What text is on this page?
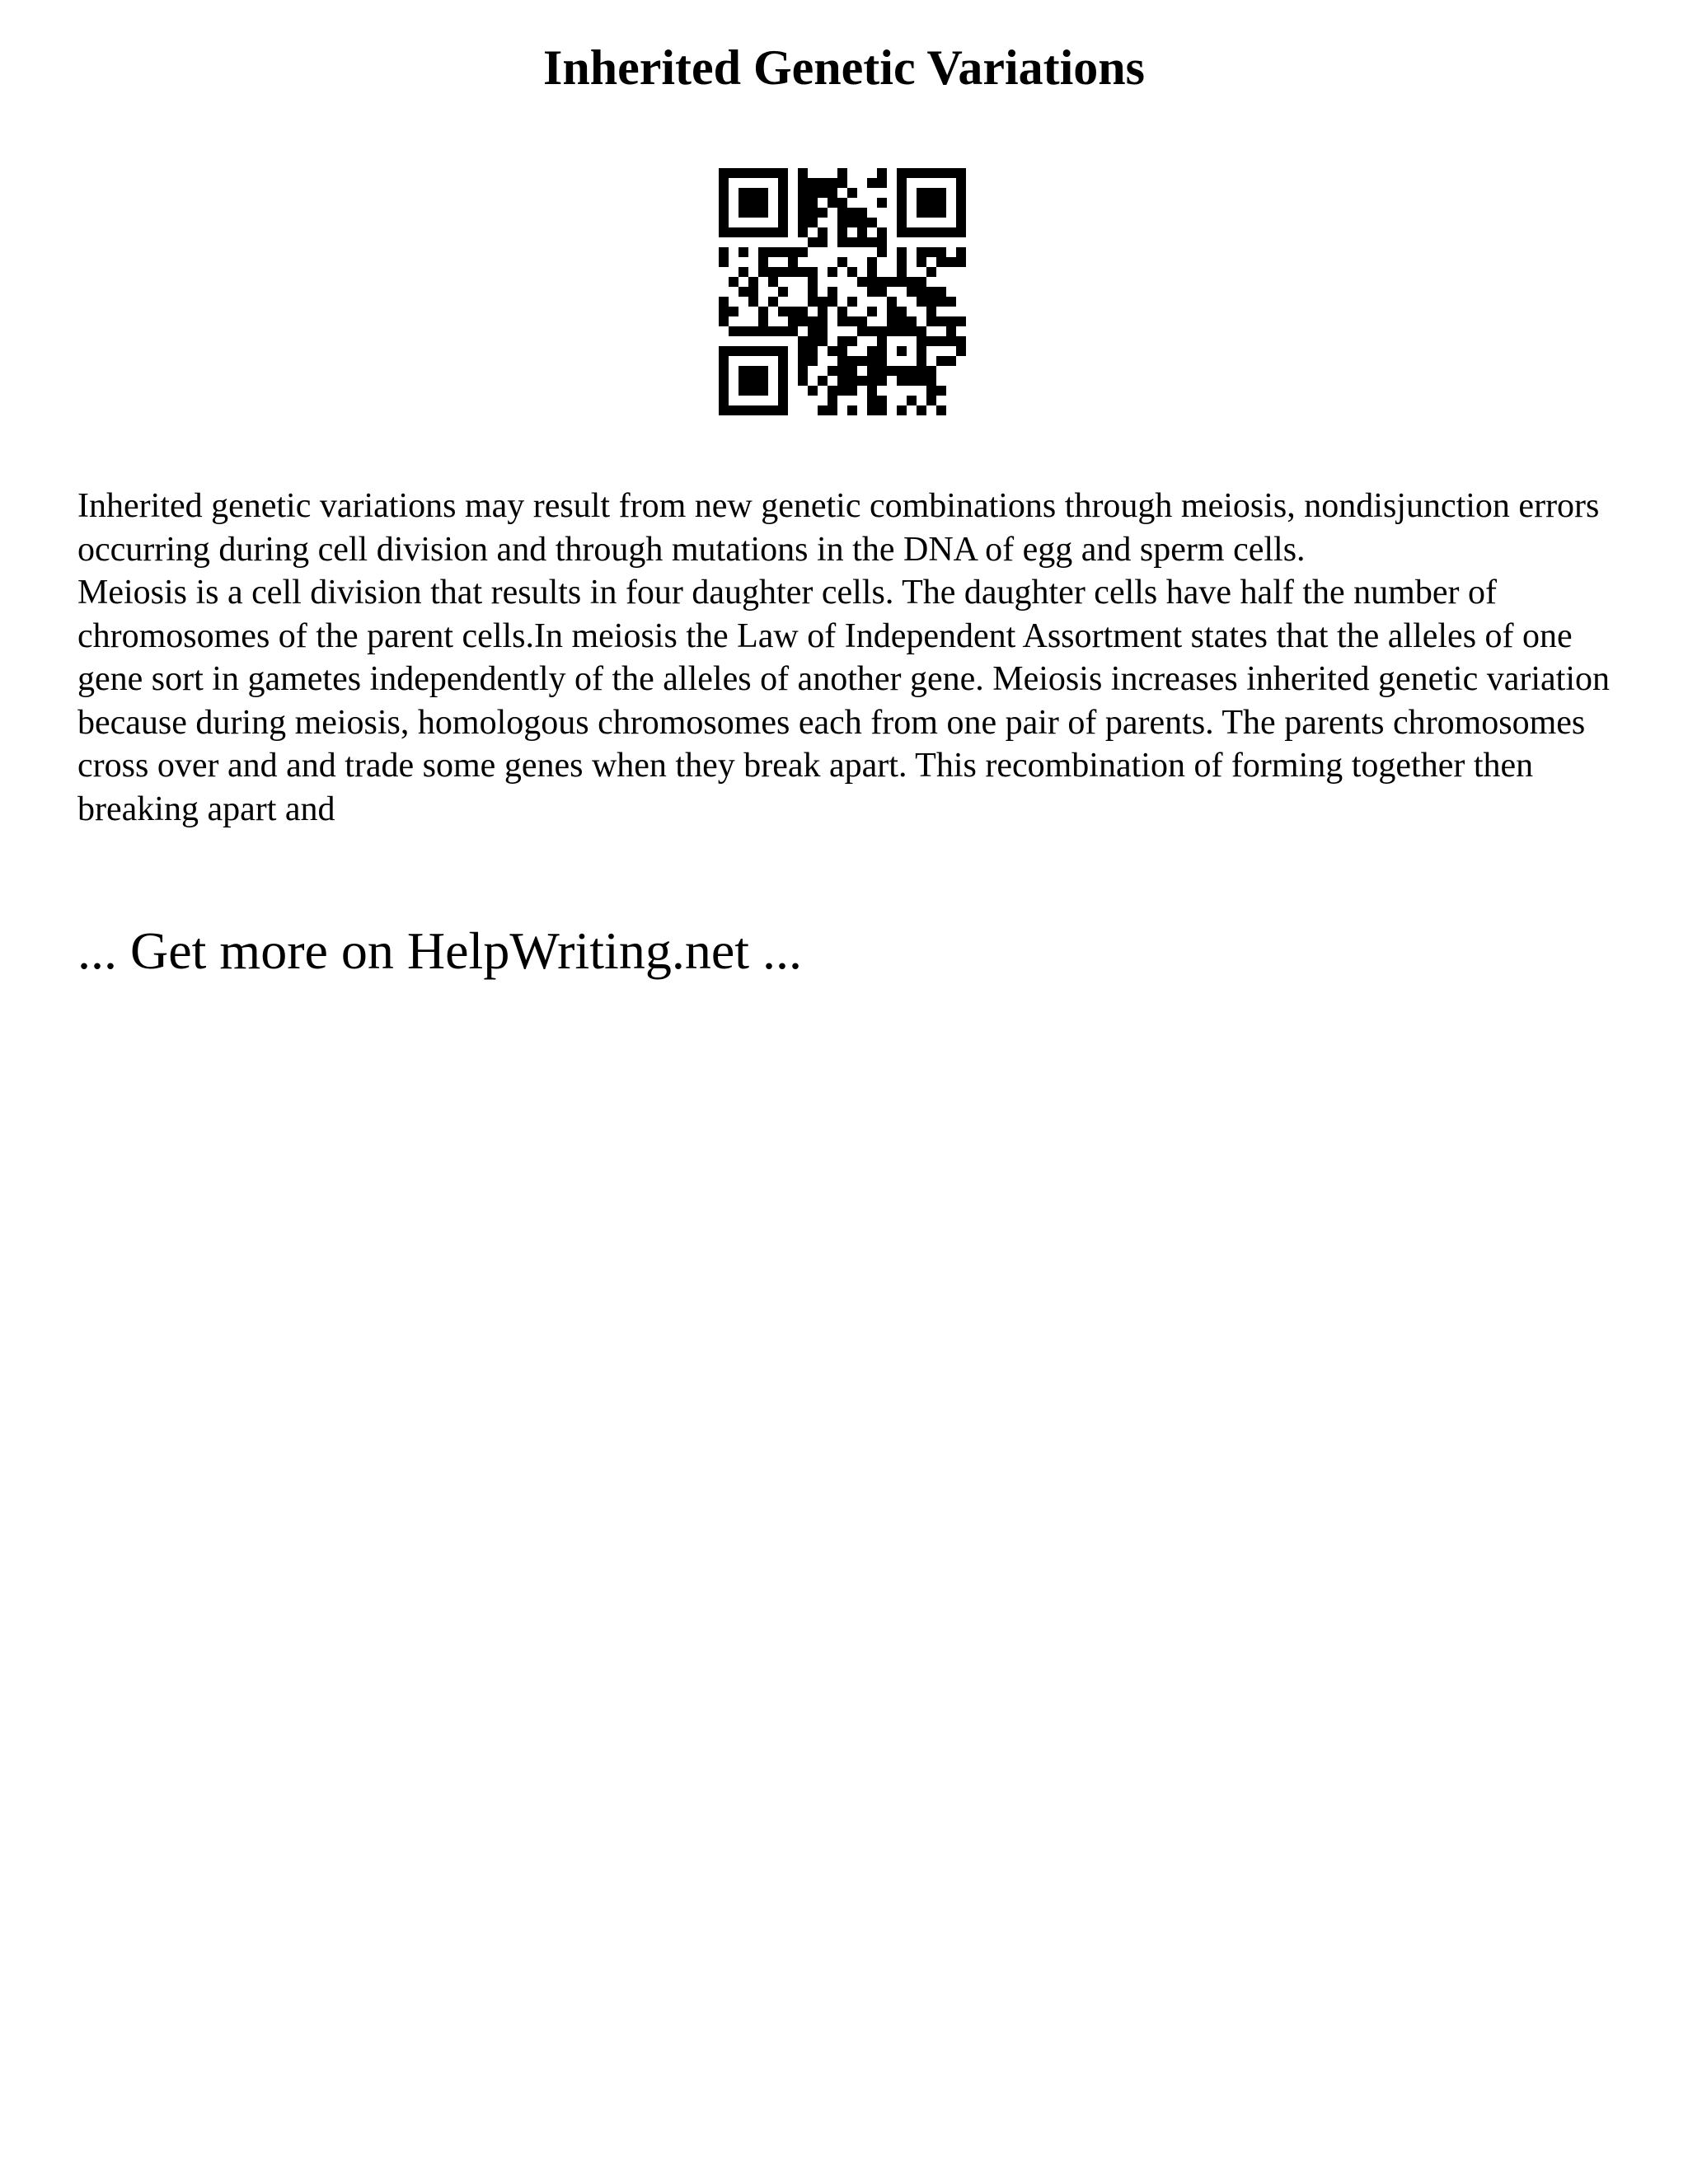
Inherited Genetic Variations

Inherited genetic variations may result from new genetic combinations through meiosis, nondisjunction errors occurring during cell division and through mutations in the DNA of egg and sperm cells.

Meiosis is a cell division that results in four daughter cells. The daughter cells have half the number of chromosomes of the parent cells.In meiosis the Law of Independent Assortment states that the alleles of one gene sort in gametes independently of the alleles of another gene. Meiosis increases inherited genetic variation because during meiosis, homologous chromosomes each from one pair of parents. The parents chromosomes cross over and and trade some genes when they break apart. This recombination of forming together then breaking apart and

... Get more on HelpWriting.net ...
